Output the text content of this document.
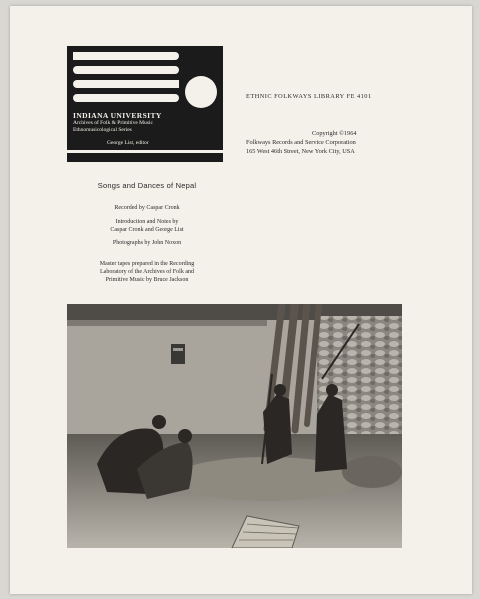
INDIANA UNIVERSITY
Archives of Folk & Primitive Music
Ethnomusicological Series
George List, editor
ETHNIC FOLKWAYS LIBRARY FE 4101
Copyright ©1964
Folkways Records and Service Corporation
165 West 46th Street, New York City, USA
Songs and Dances of Nepal
Recorded by Caspar Cronk
Introduction and Notes by
Caspar Cronk and George List
Photographs by John Noxon
Master tapes prepared in the Recording
Laboratory of the Archives of Folk and
Primitive Music by Bruce Jackson
